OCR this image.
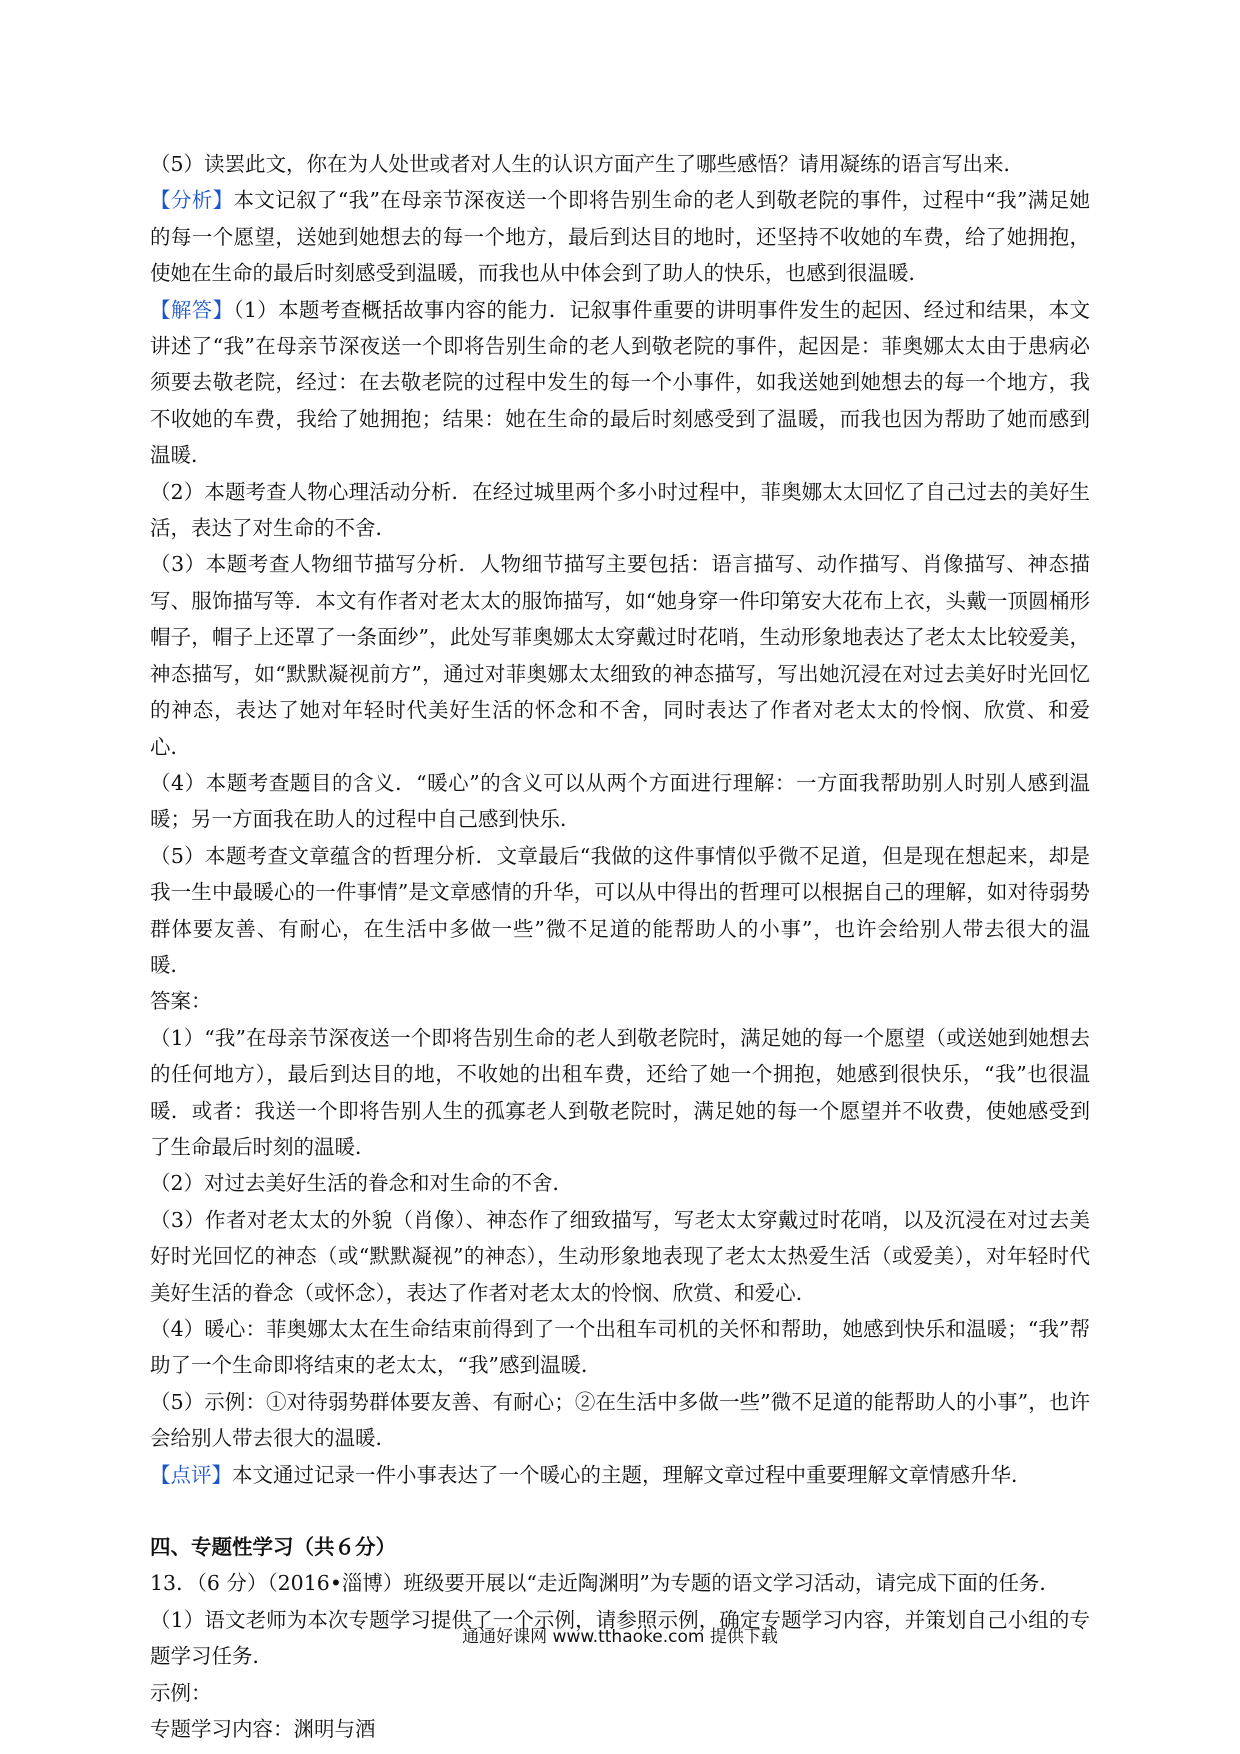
（5）读罢此文，你在为人处世或者对人生的认识方面产生了哪些感悟？请用凝练的语言写出来．

【分析】本文记叙了“我”在母亲节深夜送一个即将告别生命的老人到敬老院的事件，过程中“我”满足她的每一个愿望，送她到她想去的每一个地方，最后到达目的地时，还坚持不收她的车费，给了她拥抱，使她在生命的最后时刻感受到温暖，而我也从中体会到了助人的快乐，也感到很温暖．

【解答】（1）本题考查概括故事内容的能力．记叙事件重要的讲明事件发生的起因、经过和结果，本文讲述了“我”在母亲节深夜送一个即将告别生命的老人到敬老院的事件，起因是：菲奥娜太太由于患病必须要去敬老院，经过：在去敬老院的过程中发生的每一个小事件，如我送她到她想去的每一个地方，我不收她的车费，我给了她拥抱；结果：她在生命的最后时刻感受到了温暖，而我也因为帮助了她而感到温暖．

（2）本题考查人物心理活动分析．在经过城里两个多小时过程中，菲奥娜太太回忆了自己过去的美好生活，表达了对生命的不舍．

（3）本题考查人物细节描写分析．人物细节描写主要包括：语言描写、动作描写、肖像描写、神态描写、服饰描写等．本文有作者对老太太的服饰描写，如“她身穿一件印第安大花布上衣，头戴一顶圆桶形帽子，帽子上还罩了一条面纱”，此处写菲奥娜太太穿戴过时花哨，生动形象地表达了老太太比较爱美，神态描写，如“默默凝视前方”，通过对菲奥娜太太细致的神态描写，写出她沉浸在对过去美好时光回忆的神态，表达了她对年轻时代美好生活的怀念和不舍，同时表达了作者对老太太的怜悯、欣赏、和爱心．

（4）本题考查题目的含义．“暖心”的含义可以从两个方面进行理解：一方面我帮助别人时别人感到温暖；另一方面我在助人的过程中自己感到快乐．

（5）本题考查文章蕴含的哲理分析．文章最后“我做的这件事情似乎微不足道，但是现在想起来，却是我一生中最暖心的一件事情”是文章感情的升华，可以从中得出的哲理可以根据自己的理解，如对待弱势群体要友善、有耐心，在生活中多做一些”微不足道的能帮助人的小事”，也许会给别人带去很大的温暖．

答案：

（1）“我”在母亲节深夜送一个即将告别生命的老人到敬老院时，满足她的每一个愿望（或送她到她想去的任何地方），最后到达目的地，不收她的出租车费，还给了她一个拥抱，她感到很快乐，“我”也很温暖．或者：我送一个即将告别人生的孤寡老人到敬老院时，满足她的每一个愿望并不收费，使她感受到了生命最后时刻的温暖．

（2）对过去美好生活的眷念和对生命的不舍．

（3）作者对老太太的外貌（肖像）、神态作了细致描写，写老太太穿戴过时花哨，以及沉浸在对过去美好时光回忆的神态（或“默默凝视”的神态），生动形象地表现了老太太热爱生活（或爱美），对年轻时代美好生活的眷念（或怀念），表达了作者对老太太的怜悯、欣赏、和爱心．

（4）暖心：菲奥娜太太在生命结束前得到了一个出租车司机的关怀和帮助，她感到快乐和温暖；“我”帮助了一个生命即将结束的老太太，“我”感到温暖．

（5）示例：①对待弱势群体要友善、有耐心；②在生活中多做一些”微不足道的能帮助人的小事”，也许会给别人带去很大的温暖．

【点评】本文通过记录一件小事表达了一个暖心的主题，理解文章过程中重要理解文章情感升华．

四、专题性学习（共６分）

13．（6 分）（2016•淄博）班级要开展以“走近陶渊明”为专题的语文学习活动，请完成下面的任务．

（1）语文老师为本次专题学习提供了一个示例，请参照示例，确定专题学习内容，并策划自己小组的专题学习任务．

示例：

专题学习内容：渊明与酒

通通好课网 www.tthaoke.com 提供下载
